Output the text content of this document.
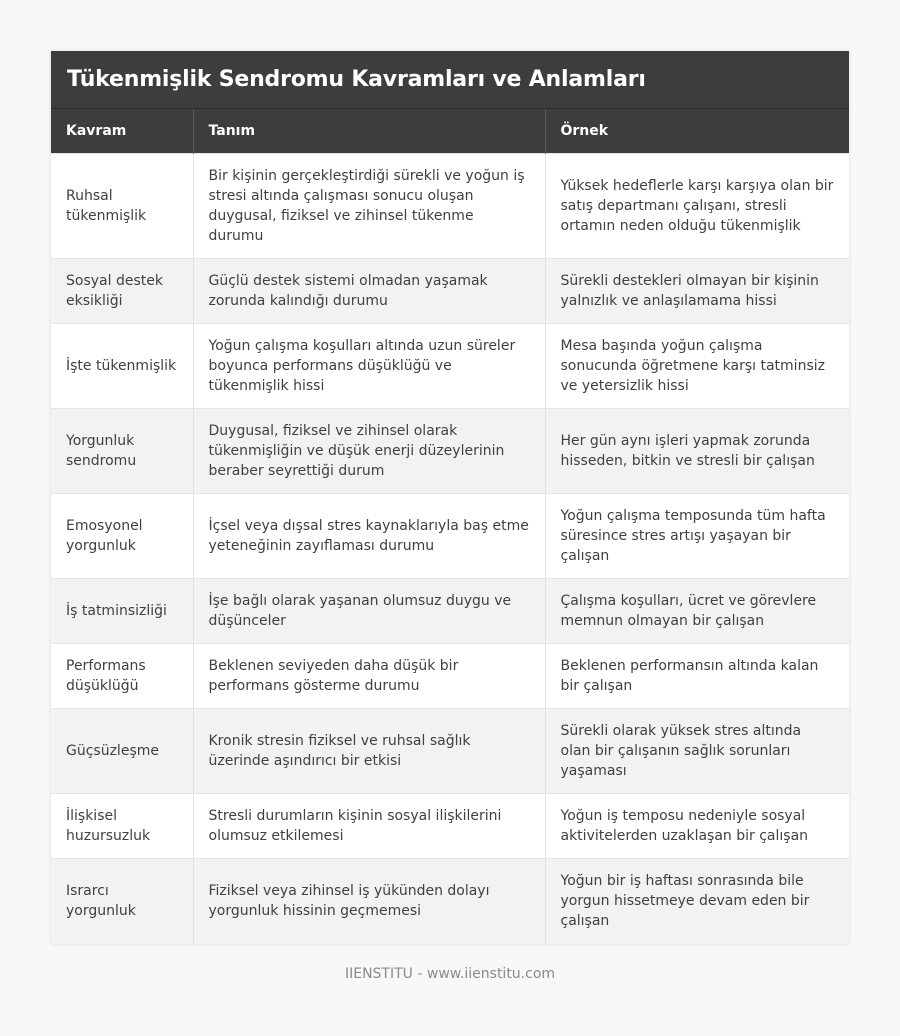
Tükenmişlik Sendromu Kavramları ve Anlamları
Kavram	Tanım	Örnek
Ruhsal tükenmişlik	Bir kişinin gerçekleştirdiği sürekli ve yoğun iş stresi altında çalışması sonucu oluşan duygusal, fiziksel ve zihinsel tükenme durumu	Yüksek hedeflerle karşı karşıya olan bir satış departmanı çalışanı, stresli ortamın neden olduğu tükenmişlik
Sosyal destek eksikliği	Güçlü destek sistemi olmadan yaşamak zorunda kalındığı durumu	Sürekli destekleri olmayan bir kişinin yalnızlık ve anlaşılamama hissi
İşte tükenmişlik	Yoğun çalışma koşulları altında uzun süreler boyunca performans düşüklüğü ve tükenmişlik hissi	Mesa başında yoğun çalışma sonucunda öğretmene karşı tatminsiz ve yetersizlik hissi
Yorgunluk sendromu	Duygusal, fiziksel ve zihinsel olarak tükenmişliğin ve düşük enerji düzeylerinin beraber seyrettiği durum	Her gün aynı işleri yapmak zorunda hisseden, bitkin ve stresli bir çalışan
Emosyonel yorgunluk	İçsel veya dışsal stres kaynaklarıyla baş etme yeteneğinin zayıflaması durumu	Yoğun çalışma temposunda tüm hafta süresince stres artışı yaşayan bir çalışan
İş tatminsizliği	İşe bağlı olarak yaşanan olumsuz duygu ve düşünceler	Çalışma koşulları, ücret ve görevlere memnun olmayan bir çalışan
Performans düşüklüğü	Beklenen seviyeden daha düşük bir performans gösterme durumu	Beklenen performansın altında kalan bir çalışan
Güçsüzleşme	Kronik stresin fiziksel ve ruhsal sağlık üzerinde aşındırıcı bir etkisi	Sürekli olarak yüksek stres altında olan bir çalışanın sağlık sorunları yaşaması
İlişkisel huzursuzluk	Stresli durumların kişinin sosyal ilişkilerini olumsuz etkilemesi	Yoğun iş temposu nedeniyle sosyal aktivitelerden uzaklaşan bir çalışan
Israrcı yorgunluk	Fiziksel veya zihinsel iş yükünden dolayı yorgunluk hissinin geçmemesi	Yoğun bir iş haftası sonrasında bile yorgun hissetmeye devam eden bir çalışan
IIENSTITU - www.iienstitu.com
